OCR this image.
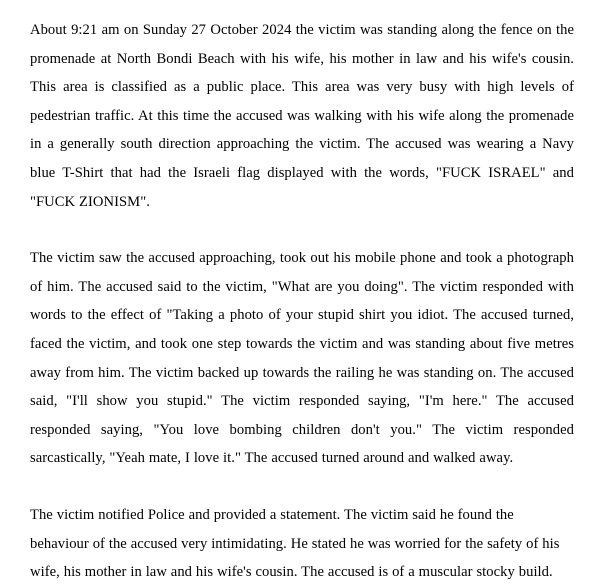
About 9:21 am on Sunday 27 October 2024 the victim was standing along the fence on the promenade at North Bondi Beach with his wife, his mother in law and his wife's cousin. This area is classified as a public place. This area was very busy with high levels of pedestrian traffic. At this time the accused was walking with his wife along the promenade in a generally south direction approaching the victim. The accused was wearing a Navy blue T-Shirt that had the Israeli flag displayed with the words, "FUCK ISRAEL" and "FUCK ZIONISM".

The victim saw the accused approaching, took out his mobile phone and took a photograph of him. The accused said to the victim, "What are you doing". The victim responded with words to the effect of "Taking a photo of your stupid shirt you idiot. The accused turned, faced the victim, and took one step towards the victim and was standing about five metres away from him. The victim backed up towards the railing he was standing on. The accused said, "I'll show you stupid." The victim responded saying, "I'm here." The accused responded saying, "You love bombing children don't you." The victim responded sarcastically, "Yeah mate, I love it." The accused turned around and walked away.

The victim notified Police and provided a statement. The victim said he found the behaviour of the accused very intimidating. He stated he was worried for the safety of his wife, his mother in law and his wife's cousin. The accused is of a muscular stocky build.
